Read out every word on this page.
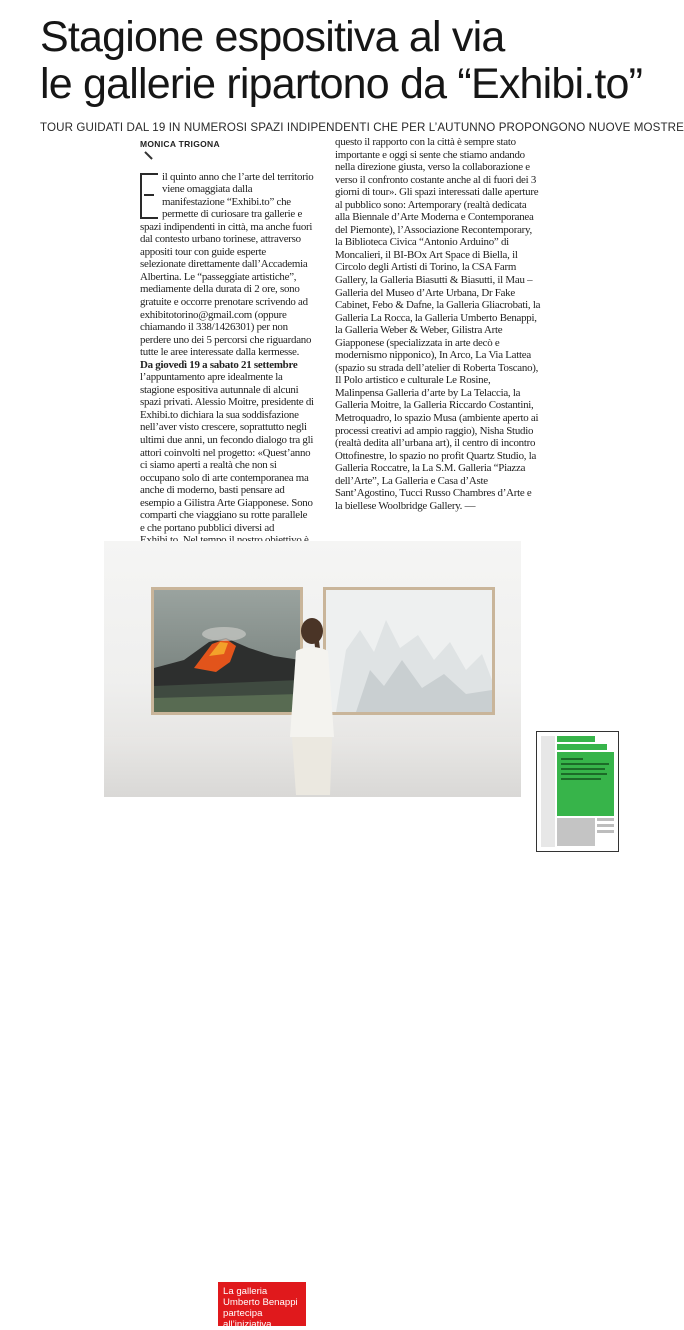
Stagione espositiva al via
le gallerie ripartono da “Exhibi.to”
TOUR GUIDATI DAL 19 IN NUMEROSI SPAZI INDIPENDENTI CHE PER L’AUTUNNO PROPONGONO NUOVE MOSTRE
MONICA TRIGONA

il quinto anno che l’arte del territorio viene omaggiata dalla manifestazione “Exhibi.to” che permette di curiosare tra gallerie e spazi indipendenti in città, ma anche fuori dal contesto urbano torinese, attraverso appositi tour con guide esperte selezionate direttamente dall’Accademia Albertina. Le “passeggiate artistiche”, mediamente della durata di 2 ore, sono gratuite e occorre prenotare scrivendo ad exhibitotorino@gmail.com (oppure chiamando il 338/1426301) per non perdere uno dei 5 percorsi che riguardano tutte le aree interessate dalla kermesse. Da giovedì 19 a sabato 21 settembre l’appuntamento apre idealmente la stagione espositiva autunnale di alcuni spazi privati. Alessio Moitre, presidente di Exhibi.to dichiara la sua soddisfazione nell’aver visto crescere, soprattutto negli ultimi due anni, un fecondo dialogo tra gli attori coinvolti nel progetto: «Quest’anno ci siamo aperti a realtà che non si occupano solo di arte contemporanea ma anche di moderno, basti pensare ad esempio a Gilistra Arte Giapponese. Sono comparti che viaggiano su rotte parallele e che portano pubblici diversi ad

questo il rapporto con la città è sempre stato importante e oggi si sente che stiamo andando nella direzione giusta, verso la collaborazione e verso il confronto costante anche al di fuori dei 3 giorni di tour». Gli spazi interessati dalle aperture al pubblico sono: Artemporary (realtà dedicata alla Biennale d’Arte Moderna e Contemporanea del Piemonte), l’Associazione Recontemporary, la Biblioteca Civica “Antonio Arduino” di Moncalieri, il BI-BOx Art Space di Biella, il Circolo degli Artisti di Torino, la CSA Farm Gallery, la Galleria Biasutti & Biasutti, il Mau – Galleria del Museo d’Arte Urbana, Dr Fake Cabinet, Febo & Dafne, la Galleria Gliacrobati, la Galleria La Rocca, la Galleria Umberto Benappi, la Galleria Weber & Weber, Gilistra Arte Giapponese (specializzata in arte decò e modernismo nipponico), In Arco, La Via Lattea (spazio su strada dell’atelier di Roberta Toscano), Il Polo artistico e culturale Le Rosine, Malinpensa Galleria d’arte by La Telaccia, la Galleria Moitre, la Galleria Riccardo Costantini, Metroquadro, lo spazio Musa (ambiente aperto ai processi creativi ad ampio raggio), Nisha Studio (realtà dedita all’urbana art), il centro di incontro Ottofinestre, lo spazio no profit Quartz Studio, la Galleria Roccatre, la La S.M. Galleria “Piazza dell’Arte”, La Galleria e Casa d’Aste Sant’Agostino, Tucci Russo Chambres d’Arte e la biellese Woolbridge Gallery. —

La galleria Umberto Benappi partecipa all’iniziativa
